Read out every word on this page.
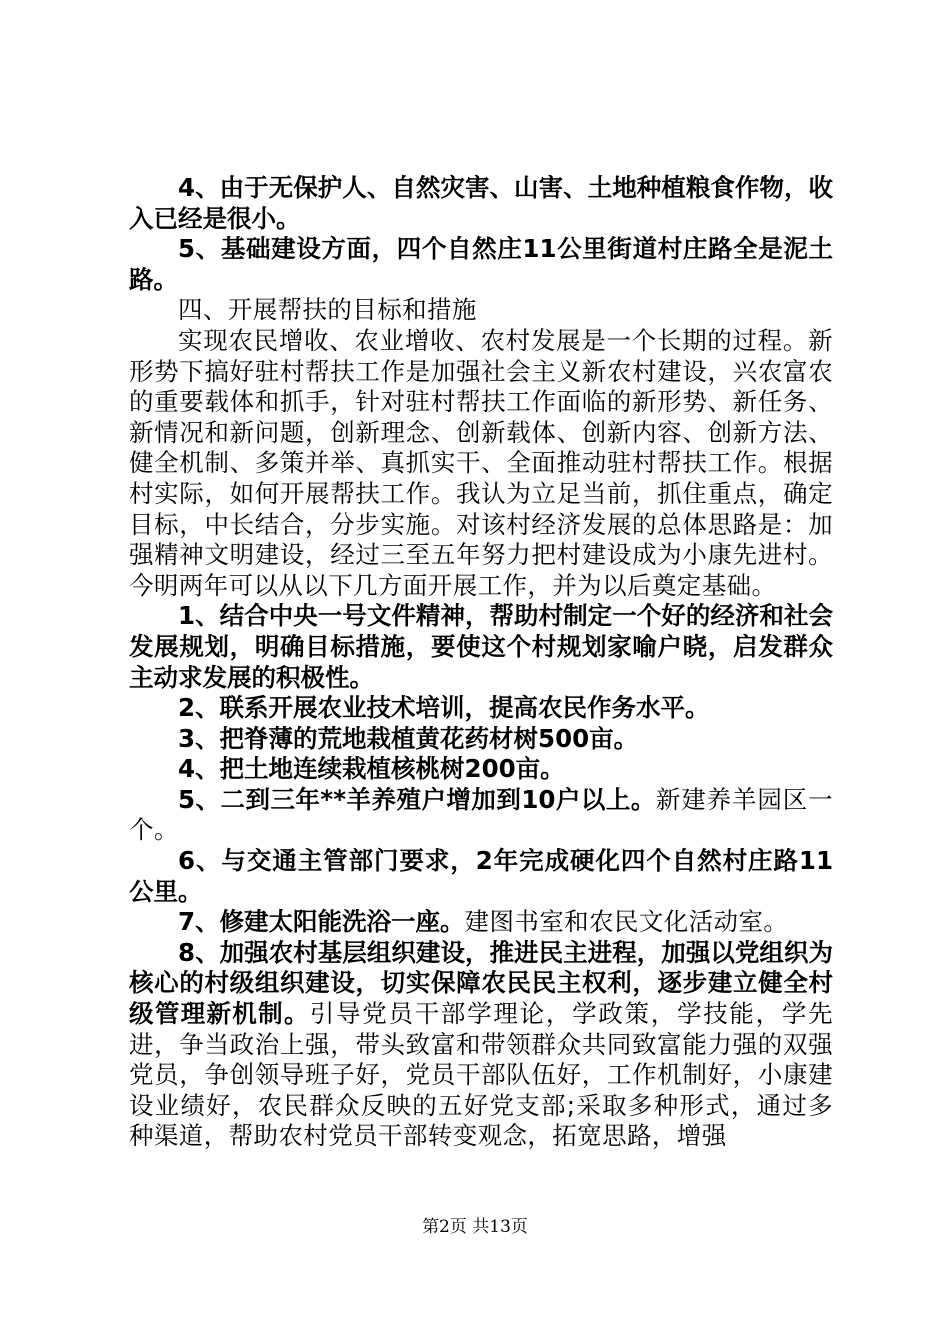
4、由于无保护人、自然灾害、山害、土地种植粮食作物，收入已经是很小。

5、基础建设方面，四个自然庄11公里街道村庄路全是泥土路。

四、开展帮扶的目标和措施

实现农民增收、农业增收、农村发展是一个长期的过程。新形势下搞好驻村帮扶工作是加强社会主义新农村建设，兴农富农的重要载体和抓手，针对驻村帮扶工作面临的新形势、新任务、新情况和新问题，创新理念、创新载体、创新内容、创新方法、健全机制、多策并举、真抓实干、全面推动驻村帮扶工作。根据村实际，如何开展帮扶工作。我认为立足当前，抓住重点，确定目标，中长结合，分步实施。对该村经济发展的总体思路是：加强精神文明建设，经过三至五年努力把村建设成为小康先进村。今明两年可以从以下几方面开展工作，并为以后奠定基础。

1、结合中央一号文件精神，帮助村制定一个好的经济和社会发展规划，明确目标措施，要使这个村规划家喻户晓，启发群众主动求发展的积极性。

2、联系开展农业技术培训，提高农民作务水平。

3、把脊薄的荒地栽植黄花药材树500亩。

4、把土地连续栽植核桃树200亩。

5、二到三年**羊养殖户增加到10户以上。新建养羊园区一个。

6、与交通主管部门要求，2年完成硬化四个自然村庄路11公里。

7、修建太阳能洗浴一座。建图书室和农民文化活动室。

8、加强农村基层组织建设，推进民主进程，加强以党组织为核心的村级组织建设，切实保障农民民主权利，逐步建立健全村级管理新机制。引导党员干部学理论，学政策，学技能，学先进，争当政治上强，带头致富和带领群众共同致富能力强的双强党员，争创领导班子好，党员干部队伍好，工作机制好，小康建设业绩好，农民群众反映的五好党支部;采取多种形式，通过多种渠道，帮助农村党员干部转变观念，拓宽思路，增强

第2页 共13页
